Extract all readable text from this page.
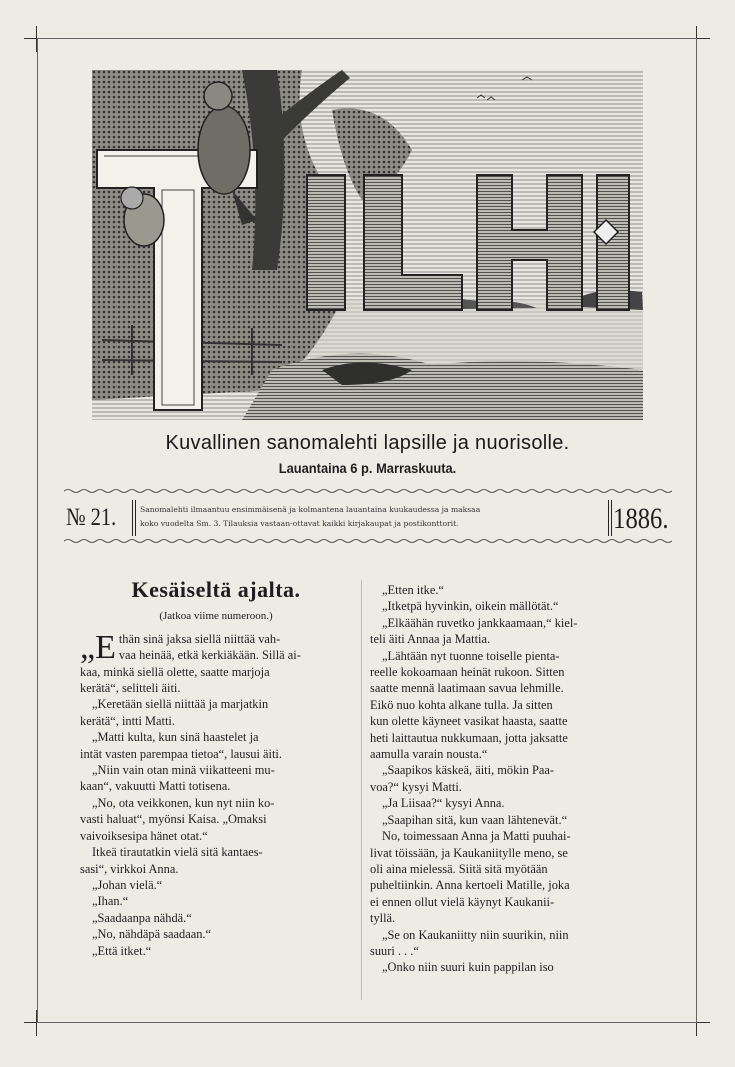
Kuvallinen sanomalehti lapsille ja nuorisolle.
Lauantaina 6 p. Marraskuuta.
№ 21.	Sanomalehti ilmaantuu ensimmäisenä ja kolmantena lauantaina kuukaudessa ja maksaa
koko vuodelta Sm. 3. Tilauksia vastaan-ottavat kaikki kirjakaupat ja postikonttorit.	1886.
Kesäiseltä ajalta.
(Jatkoa viime numeroon.)
„E thän sinä jaksa siellä niittää vah-
vaa heinää, etkä kerkiäkään. Sillä ai-
kaa, minkä siellä olette, saatte marjoja
kerätä“, selitteli äiti.
„Keretään siellä niittää ja marjatkin
kerätä“, intti Matti.
„Matti kulta, kun sinä haastelet ja
intät vasten parempaa tietoa“, lausui äiti.
„Niin vain otan minä viikatteeni mu-
kaan“, vakuutti Matti totisena.
„No, ota veikkonen, kun nyt niin ko-
vasti haluat“, myönsi Kaisa. „Omaksi
vaivoiksesipa hänet otat.“
Itkeä tirautatkin vielä sitä kantaes-
sasi“, virkkoi Anna.
„Johan vielä.“
„Ihan.“
„Saadaanpa nähdä.“
„No, nähdäpä saadaan.“
„Että itket.“
„Etten itke.“
„Itketpä hyvinkin, oikein mällötät.“
„Elkäähän ruvetko jankkaamaan,“ kiel-
teli äiti Annaa ja Mattia.
„Lähtään nyt tuonne toiselle pienta-
reelle kokoamaan heinät rukoon. Sitten
saatte mennä laatimaan savua lehmille.
Eikö nuo kohta alkane tulla. Ja sitten
kun olette käyneet vasikat haasta, saatte
heti laittautua nukkumaan, jotta jaksatte
aamulla varain nousta.“
„Saapikos käskeä, äiti, mökin Paa-
voa?“ kysyi Matti.
„Ja Liisaa?“ kysyi Anna.
„Saapihan sitä, kun vaan lähtenevät.“
No, toimessaan Anna ja Matti puuhai-
livat töissään, ja Kaukaniitylle meno, se
oli aina mielessä. Siitä sitä myötään
puheltiinkin. Anna kertoeli Matille, joka
ei ennen ollut vielä käynyt Kaukanii-
tyllä.
„Se on Kaukaniitty niin suurikin, niin
suuri . . .“
„Onko niin suuri kuin pappilan iso
